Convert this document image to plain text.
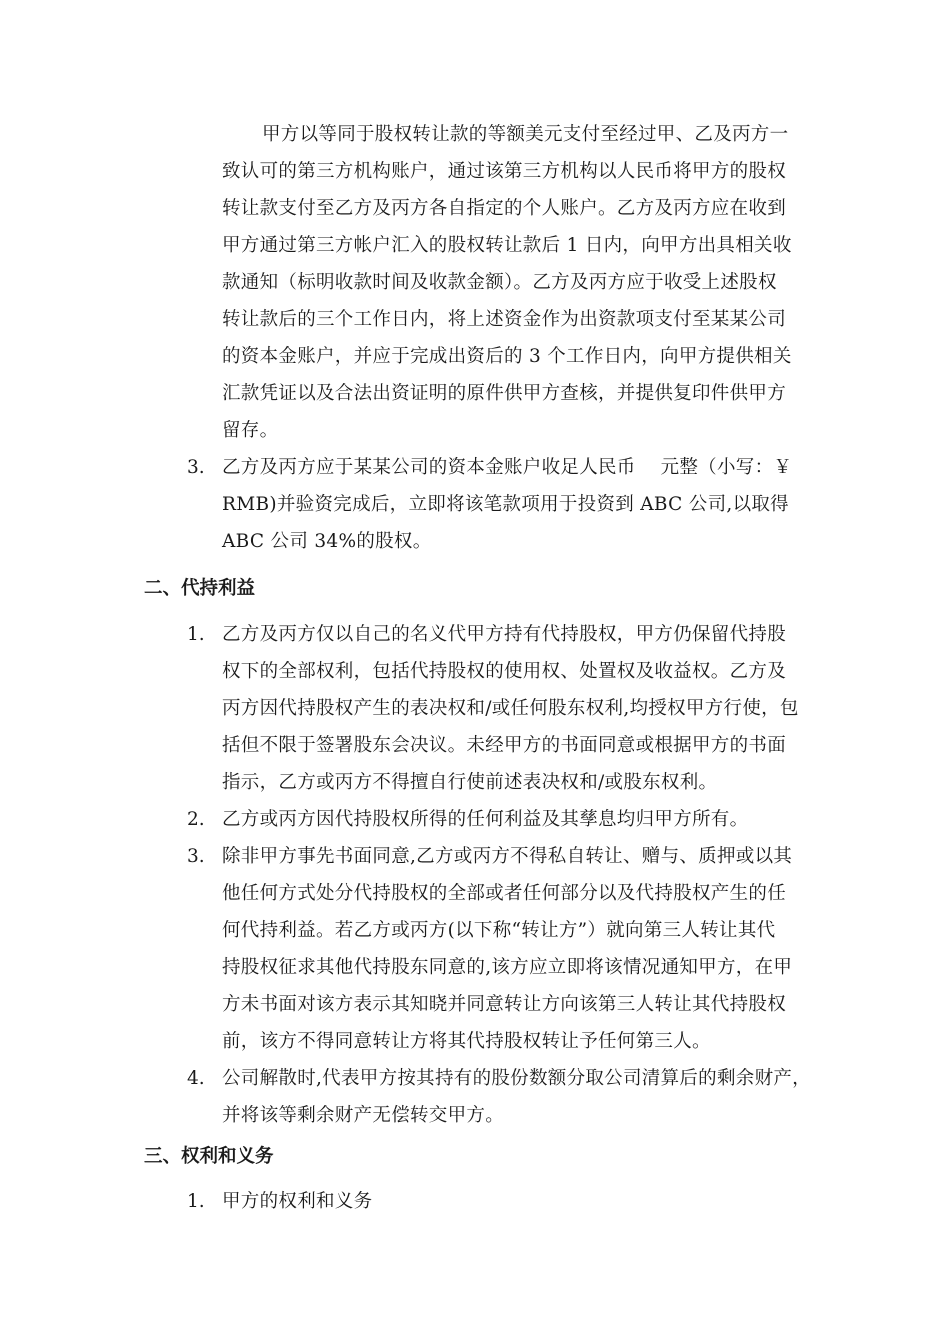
甲方以等同于股权转让款的等额美元支付至经过甲、乙及丙方一
致认可的第三方机构账户，通过该第三方机构以人民币将甲方的股权
转让款支付至乙方及丙方各自指定的个人账户。乙方及丙方应在收到
甲方通过第三方帐户汇入的股权转让款后 1 日内，向甲方出具相关收
款通知（标明收款时间及收款金额）。乙方及丙方应于收受上述股权
转让款后的三个工作日内，将上述资金作为出资款项支付至某某公司
的资本金账户，并应于完成出资后的 3 个工作日内，向甲方提供相关
汇款凭证以及合法出资证明的原件供甲方查核，并提供复印件供甲方
留存。
3. 乙方及丙方应于某某公司的资本金账户收足人民币　 元整（小写：￥
RMB)并验资完成后，立即将该笔款项用于投资到 ABC 公司,以取得
ABC 公司 34%的股权。
二、代持利益
1. 乙方及丙方仅以自己的名义代甲方持有代持股权，甲方仍保留代持股
权下的全部权利，包括代持股权的使用权、处置权及收益权。乙方及
丙方因代持股权产生的表决权和/或任何股东权利,均授权甲方行使，包
括但不限于签署股东会决议。未经甲方的书面同意或根据甲方的书面
指示，乙方或丙方不得擅自行使前述表决权和/或股东权利。
2. 乙方或丙方因代持股权所得的任何利益及其孳息均归甲方所有。
3. 除非甲方事先书面同意,乙方或丙方不得私自转让、赠与、质押或以其
他任何方式处分代持股权的全部或者任何部分以及代持股权产生的任
何代持利益。若乙方或丙方(以下称“转让方”）就向第三人转让其代
持股权征求其他代持股东同意的,该方应立即将该情况通知甲方，在甲
方未书面对该方表示其知晓并同意转让方向该第三人转让其代持股权
前，该方不得同意转让方将其代持股权转让予任何第三人。
4. 公司解散时,代表甲方按其持有的股份数额分取公司清算后的剩余财产，
并将该等剩余财产无偿转交甲方。
三、权利和义务
1. 甲方的权利和义务
